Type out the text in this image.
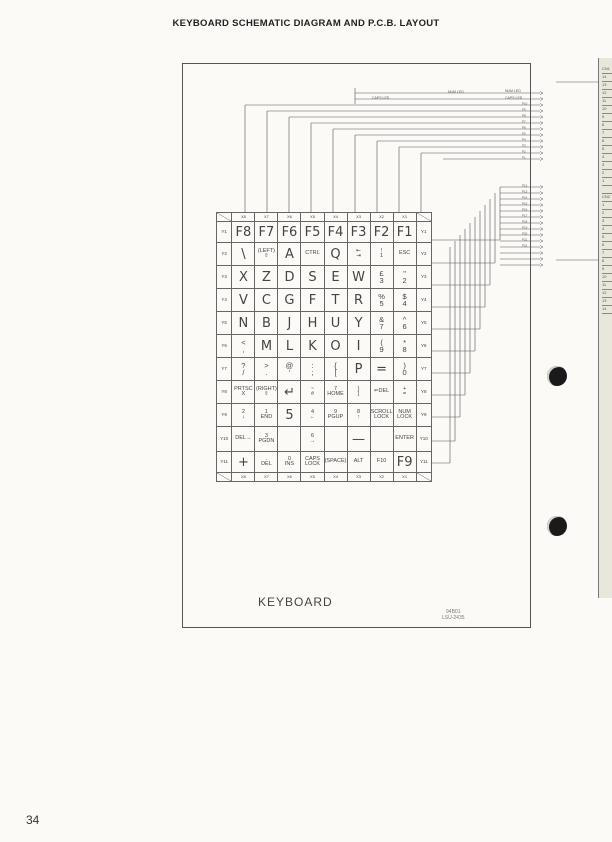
KEYBOARD SCHEMATIC DIAGRAM AND P.C.B. LAYOUT
CAPS LED
NUM LED	NUM LED
CAPS LED
P10
P9
P8
P7
P6
P5
P4
P3
P2
P1
P12
P13
P14
P15
P16
P17
P18
P19
P20
P21
P22
X8	X7	X6	X5	X4	X3	X2	X1
Y1 F8 F7 F6 F5 F4 F3 F2 F1	Y1
Y2	\ (LEFT)
⇧ A CTRL Q	⇤
⇥
!
1	ESC	Y2
Y3 X Z D S E W £
3
"
2	Y3
Y4 V C G F T R %
5
$
4	Y4
Y5 N B J H U Y &
7
^
6	Y5
Y6	<
, M L K O I	(
9
*
8	Y6
Y7	?
/
>
.
@
'
:
;
{
[ P = )
0	Y7
Y8	PRTSC
X
(RIGHT)
⇧ ↵	~
#
7
HOME
}
]	⇐DEL	+
=	Y8
Y9	2
↓
1
END 5	4
←
9
PGUP
8
↑
SCROLL
LOCK
NUM
LOCK	Y9
Y10	DEL→ 3
PGDN
6
→	—	ENTER	Y10
Y11 +	.
DEL
0
INS
CAPS
LOCK (SPACE) ALT F10 F9	Y11
X8	X7	X6	X5	X4	X3	X2	X1
KEYBOARD
94B01
LSU-2435
CN1
14
13
12
11
10
9
8
7
6
5
4
3
2
1
CN2
1
2
3
4
5
6
7
8
9
10
11
12
13
14
34
